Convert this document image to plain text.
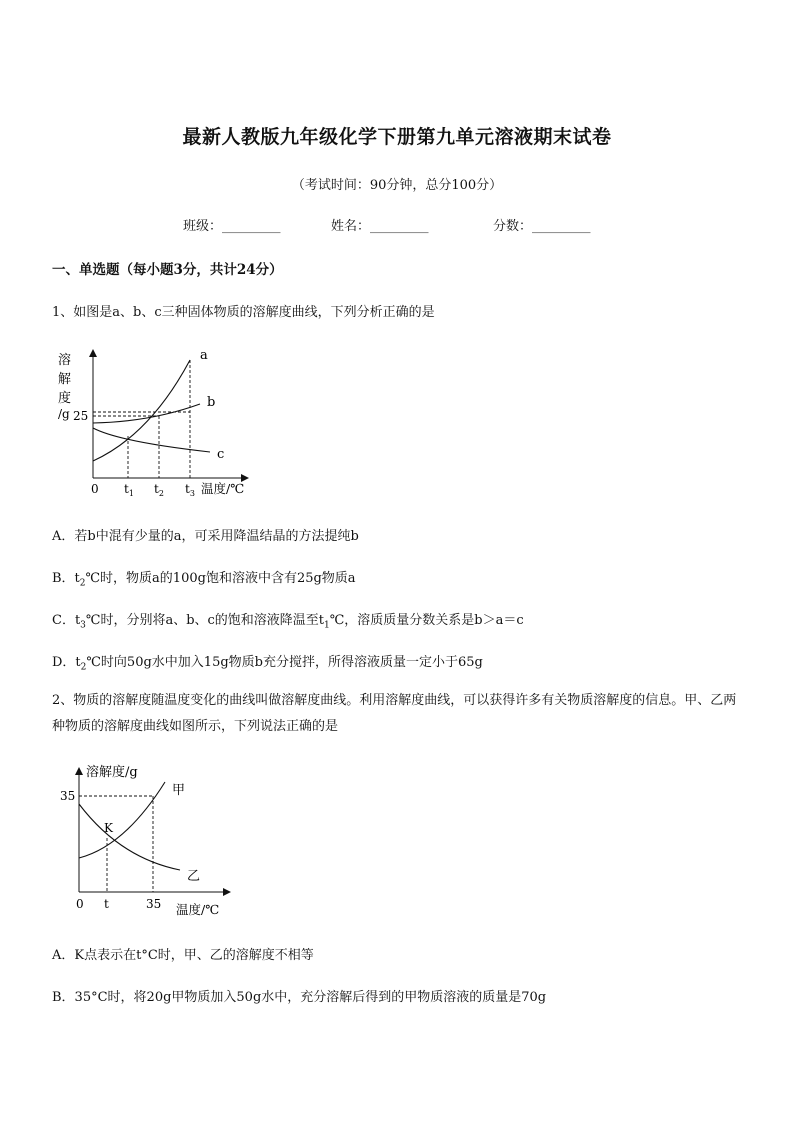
最新人教版九年级化学下册第九单元溶液期末试卷
（考试时间：90分钟，总分100分）
班级：_________	姓名：_________	分数：_________
一、单选题（每小题3分，共计24分）
1、如图是a、b、c三种固体物质的溶解度曲线，下列分析正确的是
溶
解
度
/g 25
a
b
c
0 $t_1$ $t_2$ $t_3$ 温度/℃
A．若b中混有少量的a，可采用降温结晶的方法提纯b
B．$t_2℃$时，物质a的100g饱和溶液中含有25g物质a
C．$t_3℃$时，分别将a、b、c的饱和溶液降温至$t_1℃$，溶质质量分数关系是b＞a＝c
D．$t_2℃$时向50g水中加入15g物质b充分搅拌，所得溶液质量一定小于65g
2、物质的溶解度随温度变化的曲线叫做溶解度曲线。利用溶解度曲线，可以获得许多有关物质溶解度的信息。甲、乙两种物质的溶解度曲线如图所示，下列说法正确的是
溶解度/g
35
K
甲
乙
0 t	35 温度/℃
A．K点表示在t°C时，甲、乙的溶解度不相等
B．35°C时，将20g甲物质加入50g水中，充分溶解后得到的甲物质溶液的质量是70g
